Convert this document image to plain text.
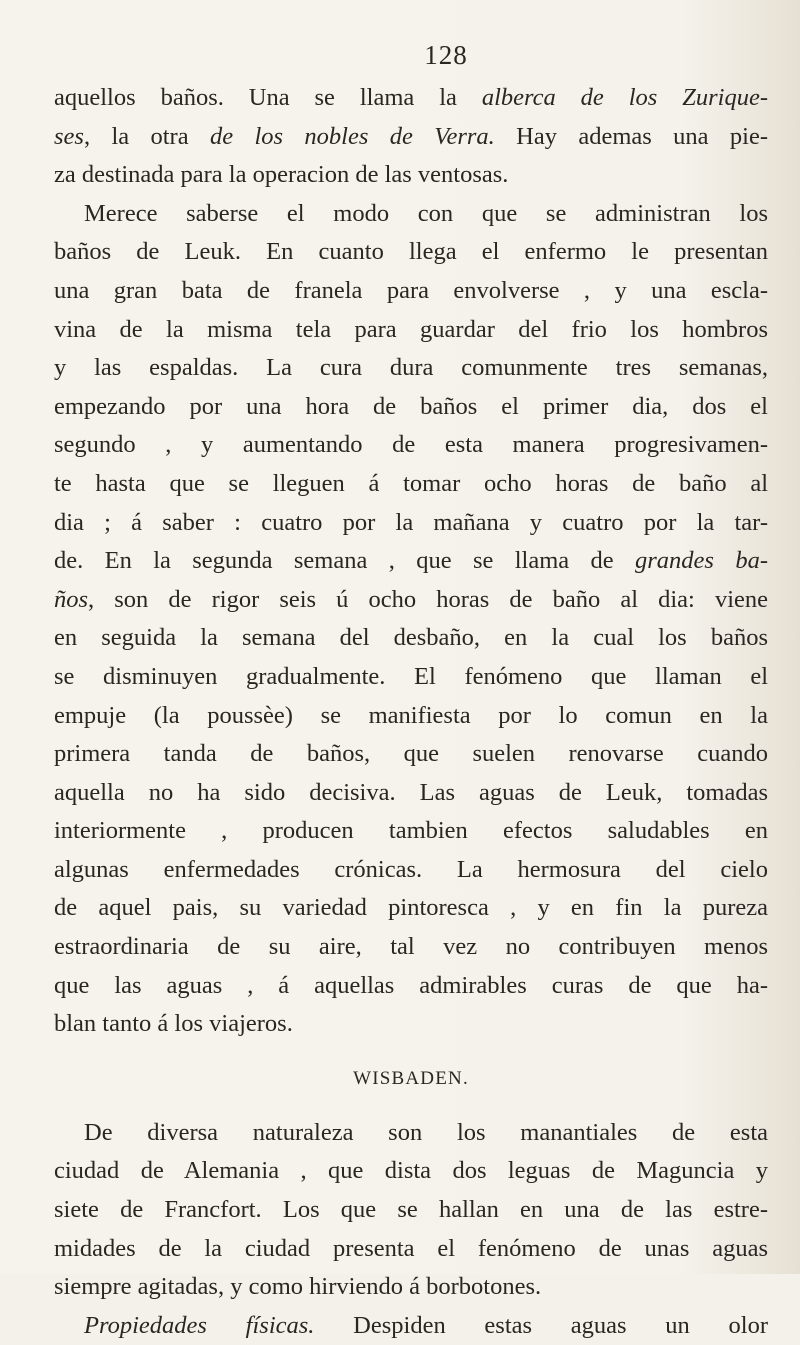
128
aquellos baños. Una se llama la alberca de los Zurique-
ses, la otra de los nobles de Verra. Hay ademas una pie-
za destinada para la operacion de las ventosas.
Merece saberse el modo con que se administran los
baños de Leuk. En cuanto llega el enfermo le presentan
una gran bata de franela para envolverse , y una escla-
vina de la misma tela para guardar del frio los hombros
y las espaldas. La cura dura comunmente tres semanas,
empezando por una hora de baños el primer dia, dos el
segundo , y aumentando de esta manera progresivamen-
te hasta que se lleguen á tomar ocho horas de baño al
dia ; á saber : cuatro por la mañana y cuatro por la tar-
de. En la segunda semana , que se llama de grandes ba-
ños, son de rigor seis ú ocho horas de baño al dia: viene
en seguida la semana del desbaño, en la cual los baños
se disminuyen gradualmente. El fenómeno que llaman el
empuje (la poussèe) se manifiesta por lo comun en la
primera tanda de baños, que suelen renovarse cuando
aquella no ha sido decisiva. Las aguas de Leuk, tomadas
interiormente , producen tambien efectos saludables en
algunas enfermedades crónicas. La hermosura del cielo
de aquel pais, su variedad pintoresca , y en fin la pureza
estraordinaria de su aire, tal vez no contribuyen menos
que las aguas , á aquellas admirables curas de que ha-
blan tanto á los viajeros.
WISBADEN.
De diversa naturaleza son los manantiales de esta
ciudad de Alemania , que dista dos leguas de Maguncia y
siete de Francfort. Los que se hallan en una de las estre-
midades de la ciudad presenta el fenómeno de unas aguas
siempre agitadas, y como hirviendo á borbotones.
Propiedades físicas. Despiden estas aguas un olor
